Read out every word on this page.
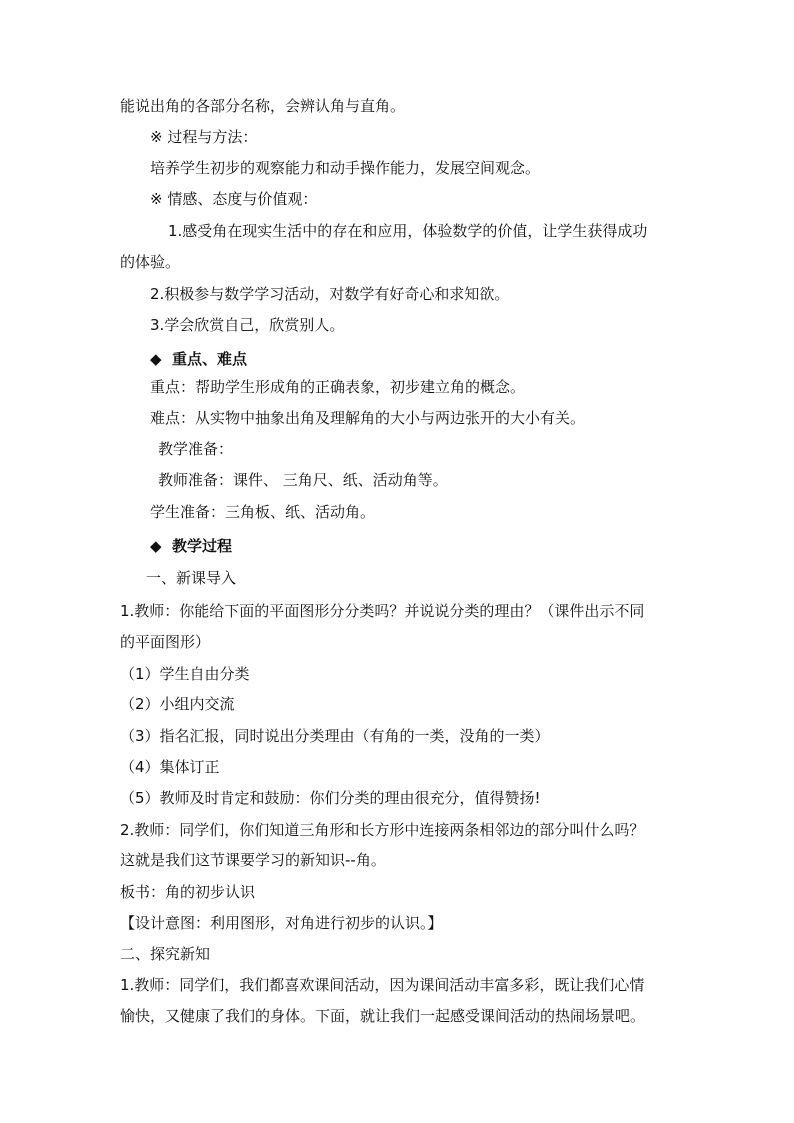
能说出角的各部分名称，会辨认角与直角。
※ 过程与方法：
培养学生初步的观察能力和动手操作能力，发展空间观念。
※ 情感、态度与价值观：
1.感受角在现实生活中的存在和应用，体验数学的价值，让学生获得成功
的体验。
2.积极参与数学学习活动，对数学有好奇心和求知欲。
3.学会欣赏自己，欣赏别人。
◆ 重点、难点
重点：帮助学生形成角的正确表象，初步建立角的概念。
难点：从实物中抽象出角及理解角的大小与两边张开的大小有关。
教学准备：
教师准备：课件、 三角尺、纸、活动角等。
学生准备：三角板、纸、活动角。
◆ 教学过程
一、新课导入
1.教师：你能给下面的平面图形分分类吗？并说说分类的理由？（课件出示不同
的平面图形）
（1）学生自由分类
（2）小组内交流
（3）指名汇报，同时说出分类理由（有角的一类，没角的一类）
（4）集体订正
（5）教师及时肯定和鼓励：你们分类的理由很充分，值得赞扬!
2.教师：同学们，你们知道三角形和长方形中连接两条相邻边的部分叫什么吗？
这就是我们这节课要学习的新知识--角。
板书：角的初步认识
【设计意图：利用图形，对角进行初步的认识。】
二、探究新知
1.教师：同学们，我们都喜欢课间活动，因为课间活动丰富多彩，既让我们心情
愉快，又健康了我们的身体。下面，就让我们一起感受课间活动的热闹场景吧。
